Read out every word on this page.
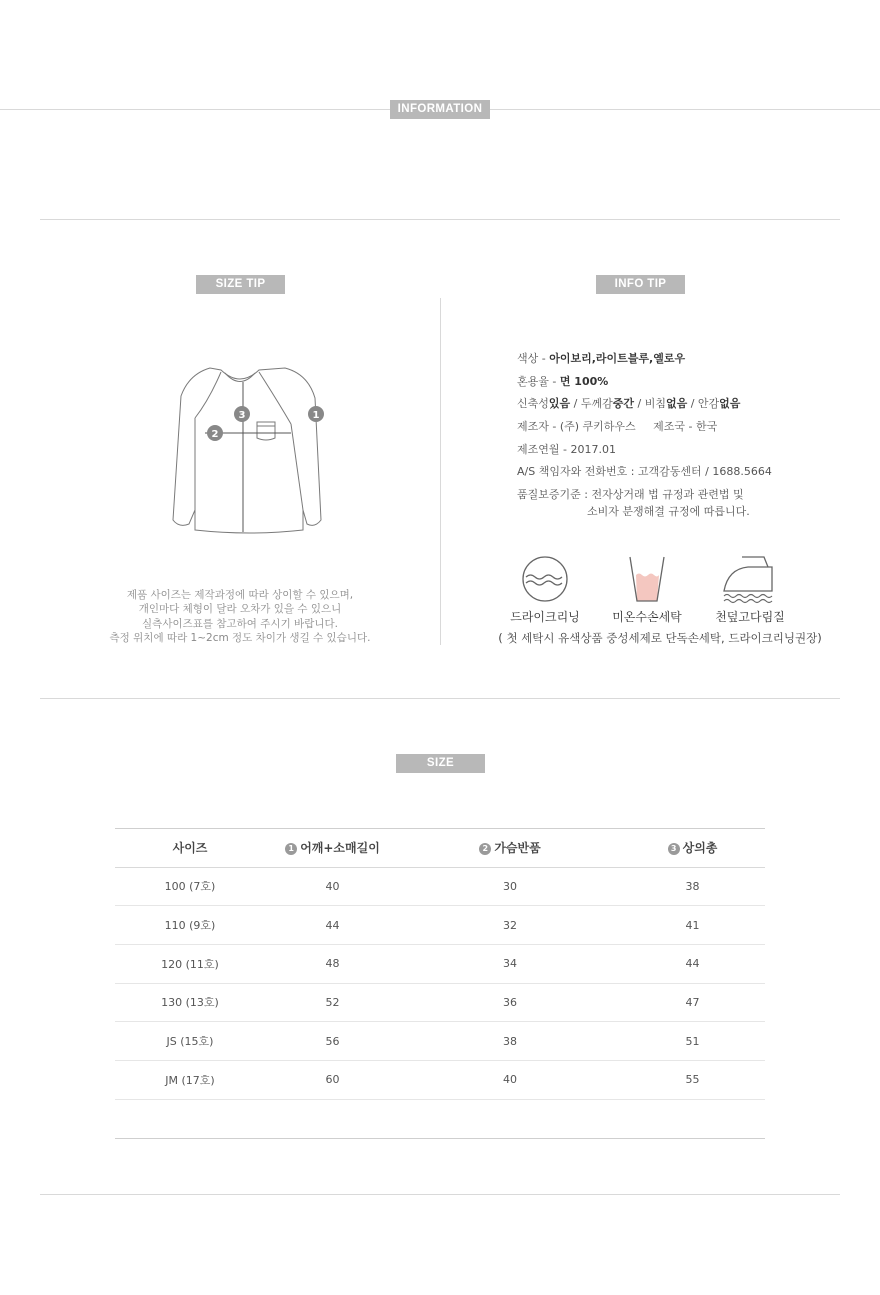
INFORMATION
SIZE TIP
1
2
3
제품 사이즈는 제작과정에 따라 상이할 수 있으며,
개인마다 체형이 달라 오차가 있을 수 있으니
실측사이즈표를 참고하여 주시기 바랍니다.
측정 위치에 따라 1~2cm 정도 차이가 생길 수 있습니다.
INFO TIP
색상 - 아이보리,라이트블루,옐로우
혼용율 - 면 100%
신축성있음 / 두께감중간 / 비침없음 / 안감없음
제조자 - (주) 쿠키하우스     제조국 - 한국
제조연월 - 2017.01
A/S 책임자와 전화번호 : 고객감동센터 / 1688.5664
품질보증기준 : 전자상거래 법 규정과 관련법 및
소비자 분쟁해결 규정에 따릅니다.
드라이크리닝	미온수손세탁	천덮고다림질
( 첫 세탁시 유색상품 중성세제로 단독손세탁, 드라이크리닝권장)
SIZE
사이즈	1 어깨+소매길이	2 가슴반품	3 상의총
100 (7호)	40	30	38
110 (9호)	44	32	41
120 (11호)	48	34	44
130 (13호)	52	36	47
JS (15호)	56	38	51
JM (17호)	60	40	55
